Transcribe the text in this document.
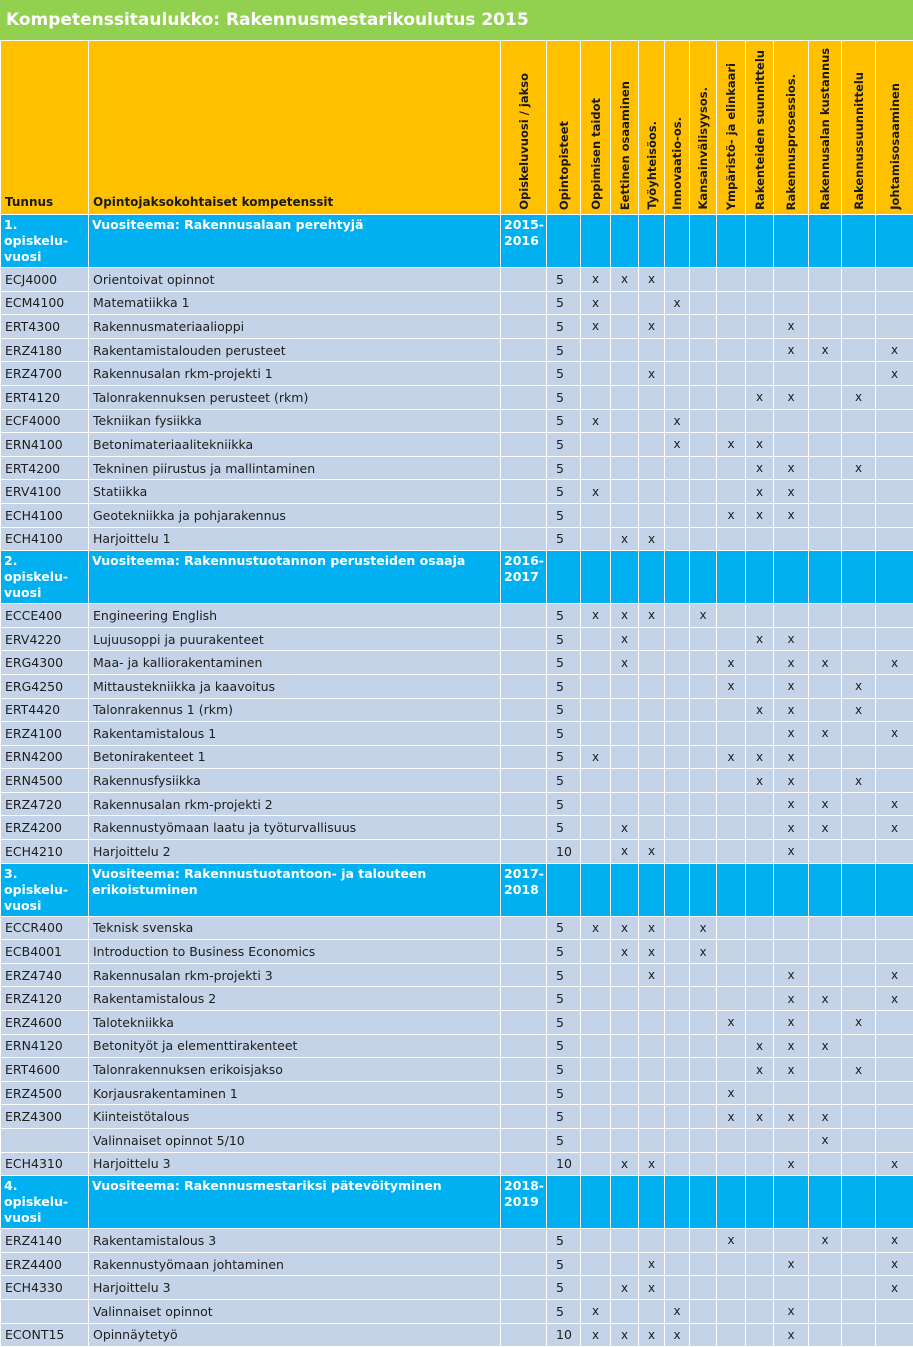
Kompetenssitaulukko: Rakennusmestarikoulutus 2015
Tunnus	Opintojaksokohtaiset kompetenssit	Opiskeluvuosi / jakso	Opintopisteet	Oppimisen taidot	Eettinen osaaminen	Työyhteisöos.	Innovaatio-os.	Kansainvälisyysos.	Ympäristö- ja elinkaari	Rakenteiden suunnittelu	Rakennusprosessios.	Rakennusalan kustannus	Rakennussuunnittelu	Johtamisosaaminen

1. opiskelu-vuosi	Vuositeema: Rakennusalaan perehtyjä	2015-2016												
ECJ4000	Orientoivat opinnot		5	x	x	x								
ECM4100	Matematiikka 1		5	x			x							
ERT4300	Rakennusmateriaalioppi		5	x		x					x			
ERZ4180	Rakentamistalouden perusteet		5								x	x		x
ERZ4700	Rakennusalan rkm-projekti 1		5			x								x
ERT4120	Talonrakennuksen perusteet (rkm)		5							x	x		x	
ECF4000	Tekniikan fysiikka		5	x			x							
ERN4100	Betonimateriaalitekniikka		5				x		x	x				
ERT4200	Tekninen piirustus ja mallintaminen		5							x	x		x	
ERV4100	Statiikka		5	x						x	x			
ECH4100	Geotekniikka ja pohjarakennus		5						x	x	x			
ECH4100	Harjoittelu 1		5		x	x								
2. opiskelu-vuosi	Vuositeema: Rakennustuotannon perusteiden osaaja	2016-2017												
ECCE400	Engineering English		5	x	x	x		x						
ERV4220	Lujuusoppi ja puurakenteet		5		x					x	x			
ERG4300	Maa- ja kalliorakentaminen		5		x				x		x	x		x
ERG4250	Mittaustekniikka ja kaavoitus		5						x		x		x	
ERT4420	Talonrakennus 1 (rkm)		5							x	x		x	
ERZ4100	Rakentamistalous 1		5								x	x		x
ERN4200	Betonirakenteet 1		5	x					x	x	x			
ERN4500	Rakennusfysiikka		5							x	x		x	
ERZ4720	Rakennusalan rkm-projekti 2		5								x	x		x
ERZ4200	Rakennustyömaan laatu ja työturvallisuus		5		x						x	x		x
ECH4210	Harjoittelu 2		10		x	x					x			
3. opiskelu-vuosi	Vuositeema: Rakennustuotantoon- ja talouteen erikoistuminen	2017-2018												
ECCR400	Teknisk svenska		5	x	x	x		x						
ECB4001	Introduction to Business Economics		5		x	x		x						
ERZ4740	Rakennusalan rkm-projekti 3		5			x					x			x
ERZ4120	Rakentamistalous 2		5								x	x		x
ERZ4600	Talotekniikka		5						x		x		x	
ERN4120	Betonityöt ja elementtirakenteet		5							x	x	x		
ERT4600	Talonrakennuksen erikoisjakso		5							x	x		x	
ERZ4500	Korjausrakentaminen 1		5						x					
ERZ4300	Kiinteistötalous		5						x	x	x	x		
	Valinnaiset opinnot 5/10		5									x		
ECH4310	Harjoittelu 3		10		x	x					x			x
4. opiskelu-vuosi	Vuositeema: Rakennusmestariksi pätevöityminen	2018-2019												
ERZ4140	Rakentamistalous 3		5						x			x		x
ERZ4400	Rakennustyömaan johtaminen		5			x					x			x
ECH4330	Harjoittelu 3		5		x	x								x
	Valinnaiset opinnot		5	x			x				x			
ECONT15	Opinnäytetyö		10	x	x	x	x				x			
